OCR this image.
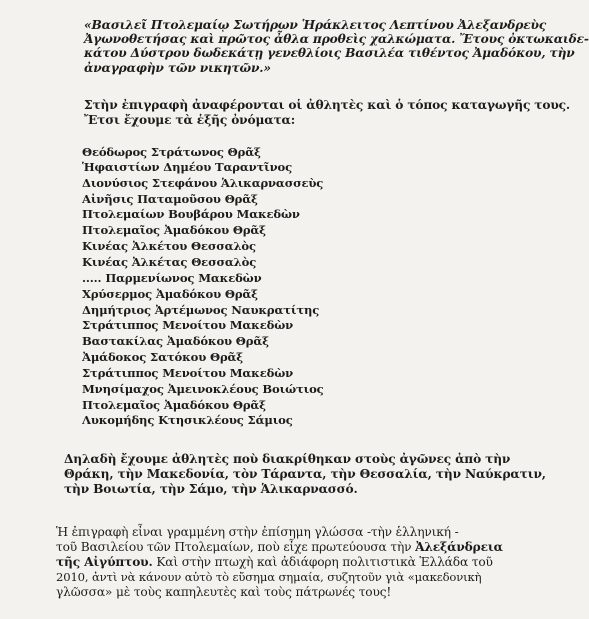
«Βασιλεῖ Πτολεμαίῳ Σωτήρων Ἡράκλειτος Λεπτίνου Ἀλεξανδρεὺς
Ἀγωνοθετήσας καὶ πρῶτος ἆθλα προθεὶς χαλκώματα. Ἔτους ὀκτωκαιδε-
κάτου Δύστρου δωδεκάτῃ γενεθλίοις Βασιλέα τιθέντος Ἀμαδόκου, τὴν
ἀναγραφὴν τῶν νικητῶν.»
Στὴν ἐπιγραφὴ ἀναφέρονται οἱ ἀθλητὲς καὶ ὁ τόπος καταγωγῆς τους.
Ἔτσι ἔχουμε τὰ ἑξῆς ὀνόματα:
Θεόδωρος Στράτωνος Θρᾶξ
Ἡφαιστίων Δημέου Ταραντῖνος
Διονύσιος Στεφάνου Ἁλικαρνασσεὺς
Αἰνῆσις Παταμοῦσου Θρᾶξ
Πτολεμαίων Βουβάρου Μακεδὼν
Πτολεμαῖος Ἀμαδόκου Θρᾶξ
Κινέας Ἀλκέτου Θεσσαλὸς
Κινέας Ἀλκέτας Θεσσαλὸς
..... Παρμενίωνος Μακεδὼν
Χρύσερμος Ἀμαδόκου Θρᾶξ
Δημήτριος Ἀρτέμωνος Ναυκρατίτης
Στράτιππος Μενοίτου Μακεδὼν
Βαστακίλας Ἀμαδόκου Θρᾶξ
Ἀμάδοκος Σατόκου Θρᾶξ
Στράτιππος Μενοίτου Μακεδὼν
Μνησίμαχος Ἀμεινοκλέους Βοιώτιος
Πτολεμαῖος Ἀμαδόκου Θρᾶξ
Λυκομήδης Κτησικλέους Σάμιος
Δηλαδὴ ἔχουμε ἀθλητὲς ποὺ διακρίθηκαν στοὺς ἀγῶνες ἀπὸ τὴν
Θράκη, τὴν Μακεδονία, τὸν Τάραντα, τὴν Θεσσαλία, τὴν Ναύκρατιν,
τὴν Βοιωτία, τὴν Σάμο, τὴν Ἁλικαρνασσό.
Ἡ ἐπιγραφὴ εἶναι γραμμένη στὴν ἐπίσημη γλώσσα -τὴν ἑλληνική -
τοῦ Βασιλείου τῶν Πτολεμαίων, ποὺ εἶχε πρωτεύουσα τὴν Ἀλεξάνδρεια
τῆς Αἰγύπτου. Καὶ στὴν πτωχὴ καὶ ἀδιάφορη πολιτιστικὰ Ἑλλάδα τοῦ
2010, ἀντὶ νὰ κάνουν αὐτὸ τὸ εὔσημα σημαία, συζητοῦν γιὰ «μακεδονικὴ
γλῶσσα» μὲ τοὺς καπηλευτὲς καὶ τοὺς πάτρωνές τους!
